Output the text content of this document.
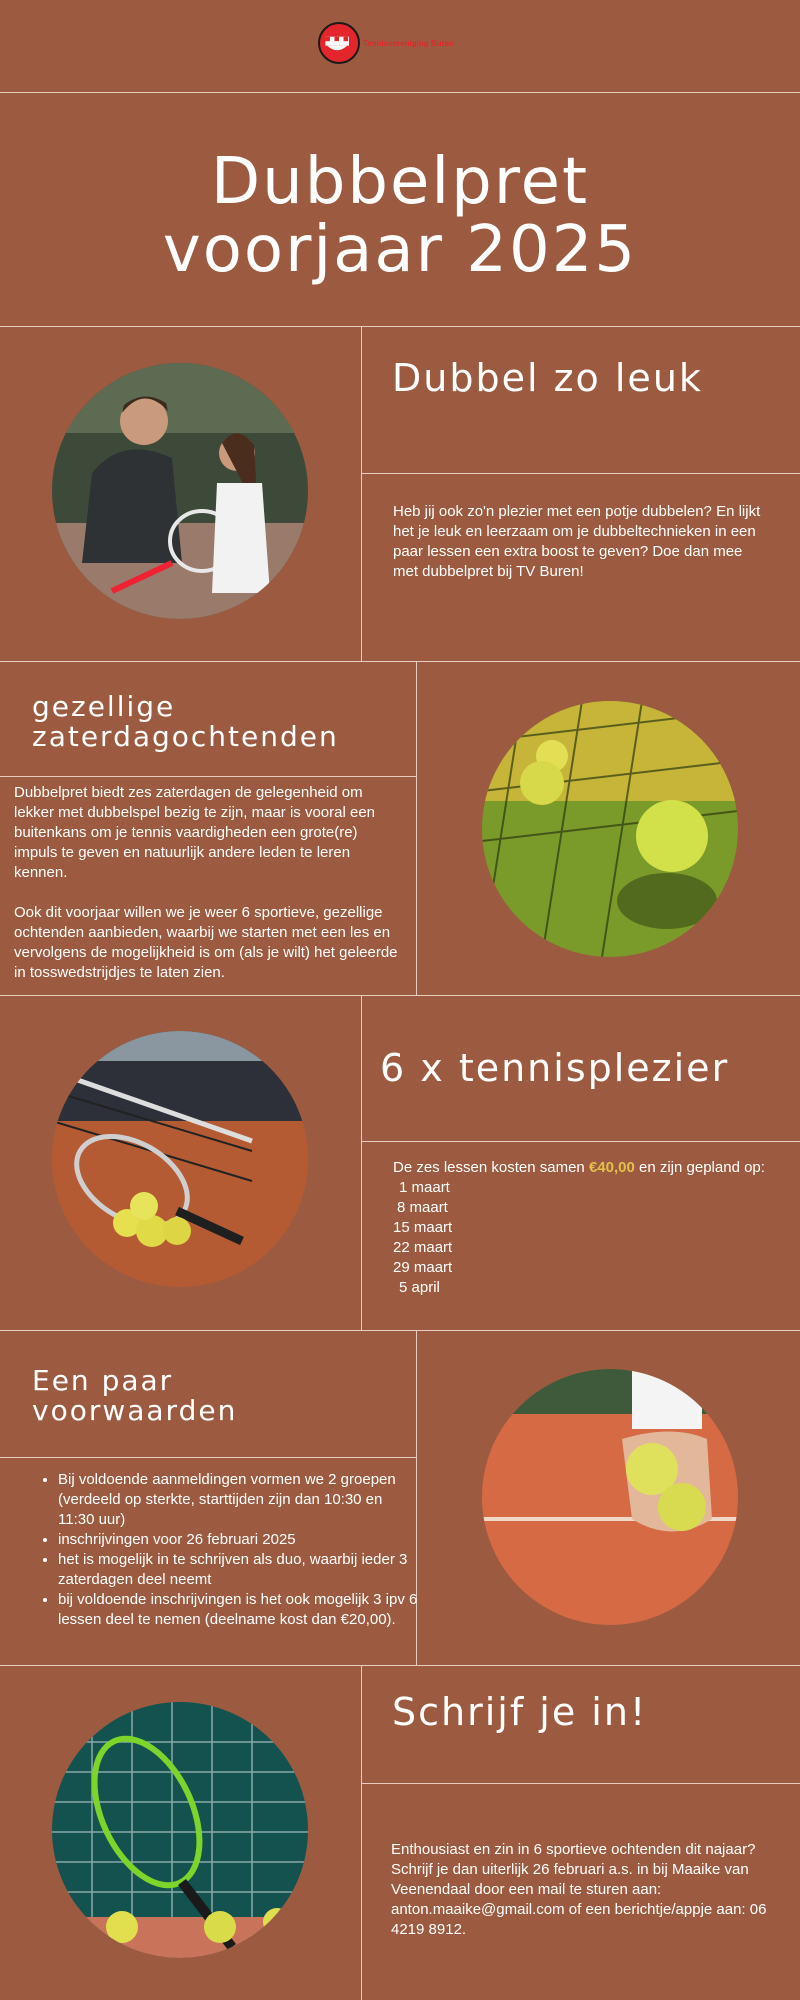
Tennisvereniging Buren
Dubbelpret
voorjaar 2025
Dubbel zo leuk
Heb jij ook zo'n plezier met een potje dubbelen? En lijkt het je leuk en leerzaam om je dubbeltechnieken in een paar lessen een extra boost te geven? Doe dan mee met dubbelpret bij TV Buren!
gezellige
zaterdagochtenden
Dubbelpret biedt zes zaterdagen de gelegenheid om lekker met dubbelspel bezig te zijn, maar is vooral een buitenkans om je tennis vaardigheden een grote(re) impuls te geven en natuurlijk andere leden te leren kennen.
Ook dit voorjaar willen we je weer 6 sportieve, gezellige ochtenden aanbieden, waarbij we starten met een les en vervolgens de mogelijkheid is om (als je wilt) het geleerde in tosswedstrijdjes te laten zien.
6 x tennisplezier
De zes lessen kosten samen €40,00 en zijn gepland op:
1 maart
8 maart
15 maart
22 maart
29 maart
5 april
Een paar
voorwaarden
• Bij voldoende aanmeldingen vormen we 2 groepen (verdeeld op sterkte, starttijden zijn dan 10:30 en 11:30 uur)
• inschrijvingen voor 26 februari 2025
• het is mogelijk in te schrijven als duo, waarbij ieder 3 zaterdagen deel neemt
• bij voldoende inschrijvingen is het ook mogelijk 3 ipv 6 lessen deel te nemen (deelname kost dan €20,00).
Schrijf je in!
Enthousiast en zin in 6 sportieve ochtenden dit najaar?
Schrijf je dan uiterlijk 26 februari a.s. in bij Maaike van Veenendaal door een mail te sturen aan: anton.maaike@gmail.com of een berichtje/appje aan: 06 4219 8912.
